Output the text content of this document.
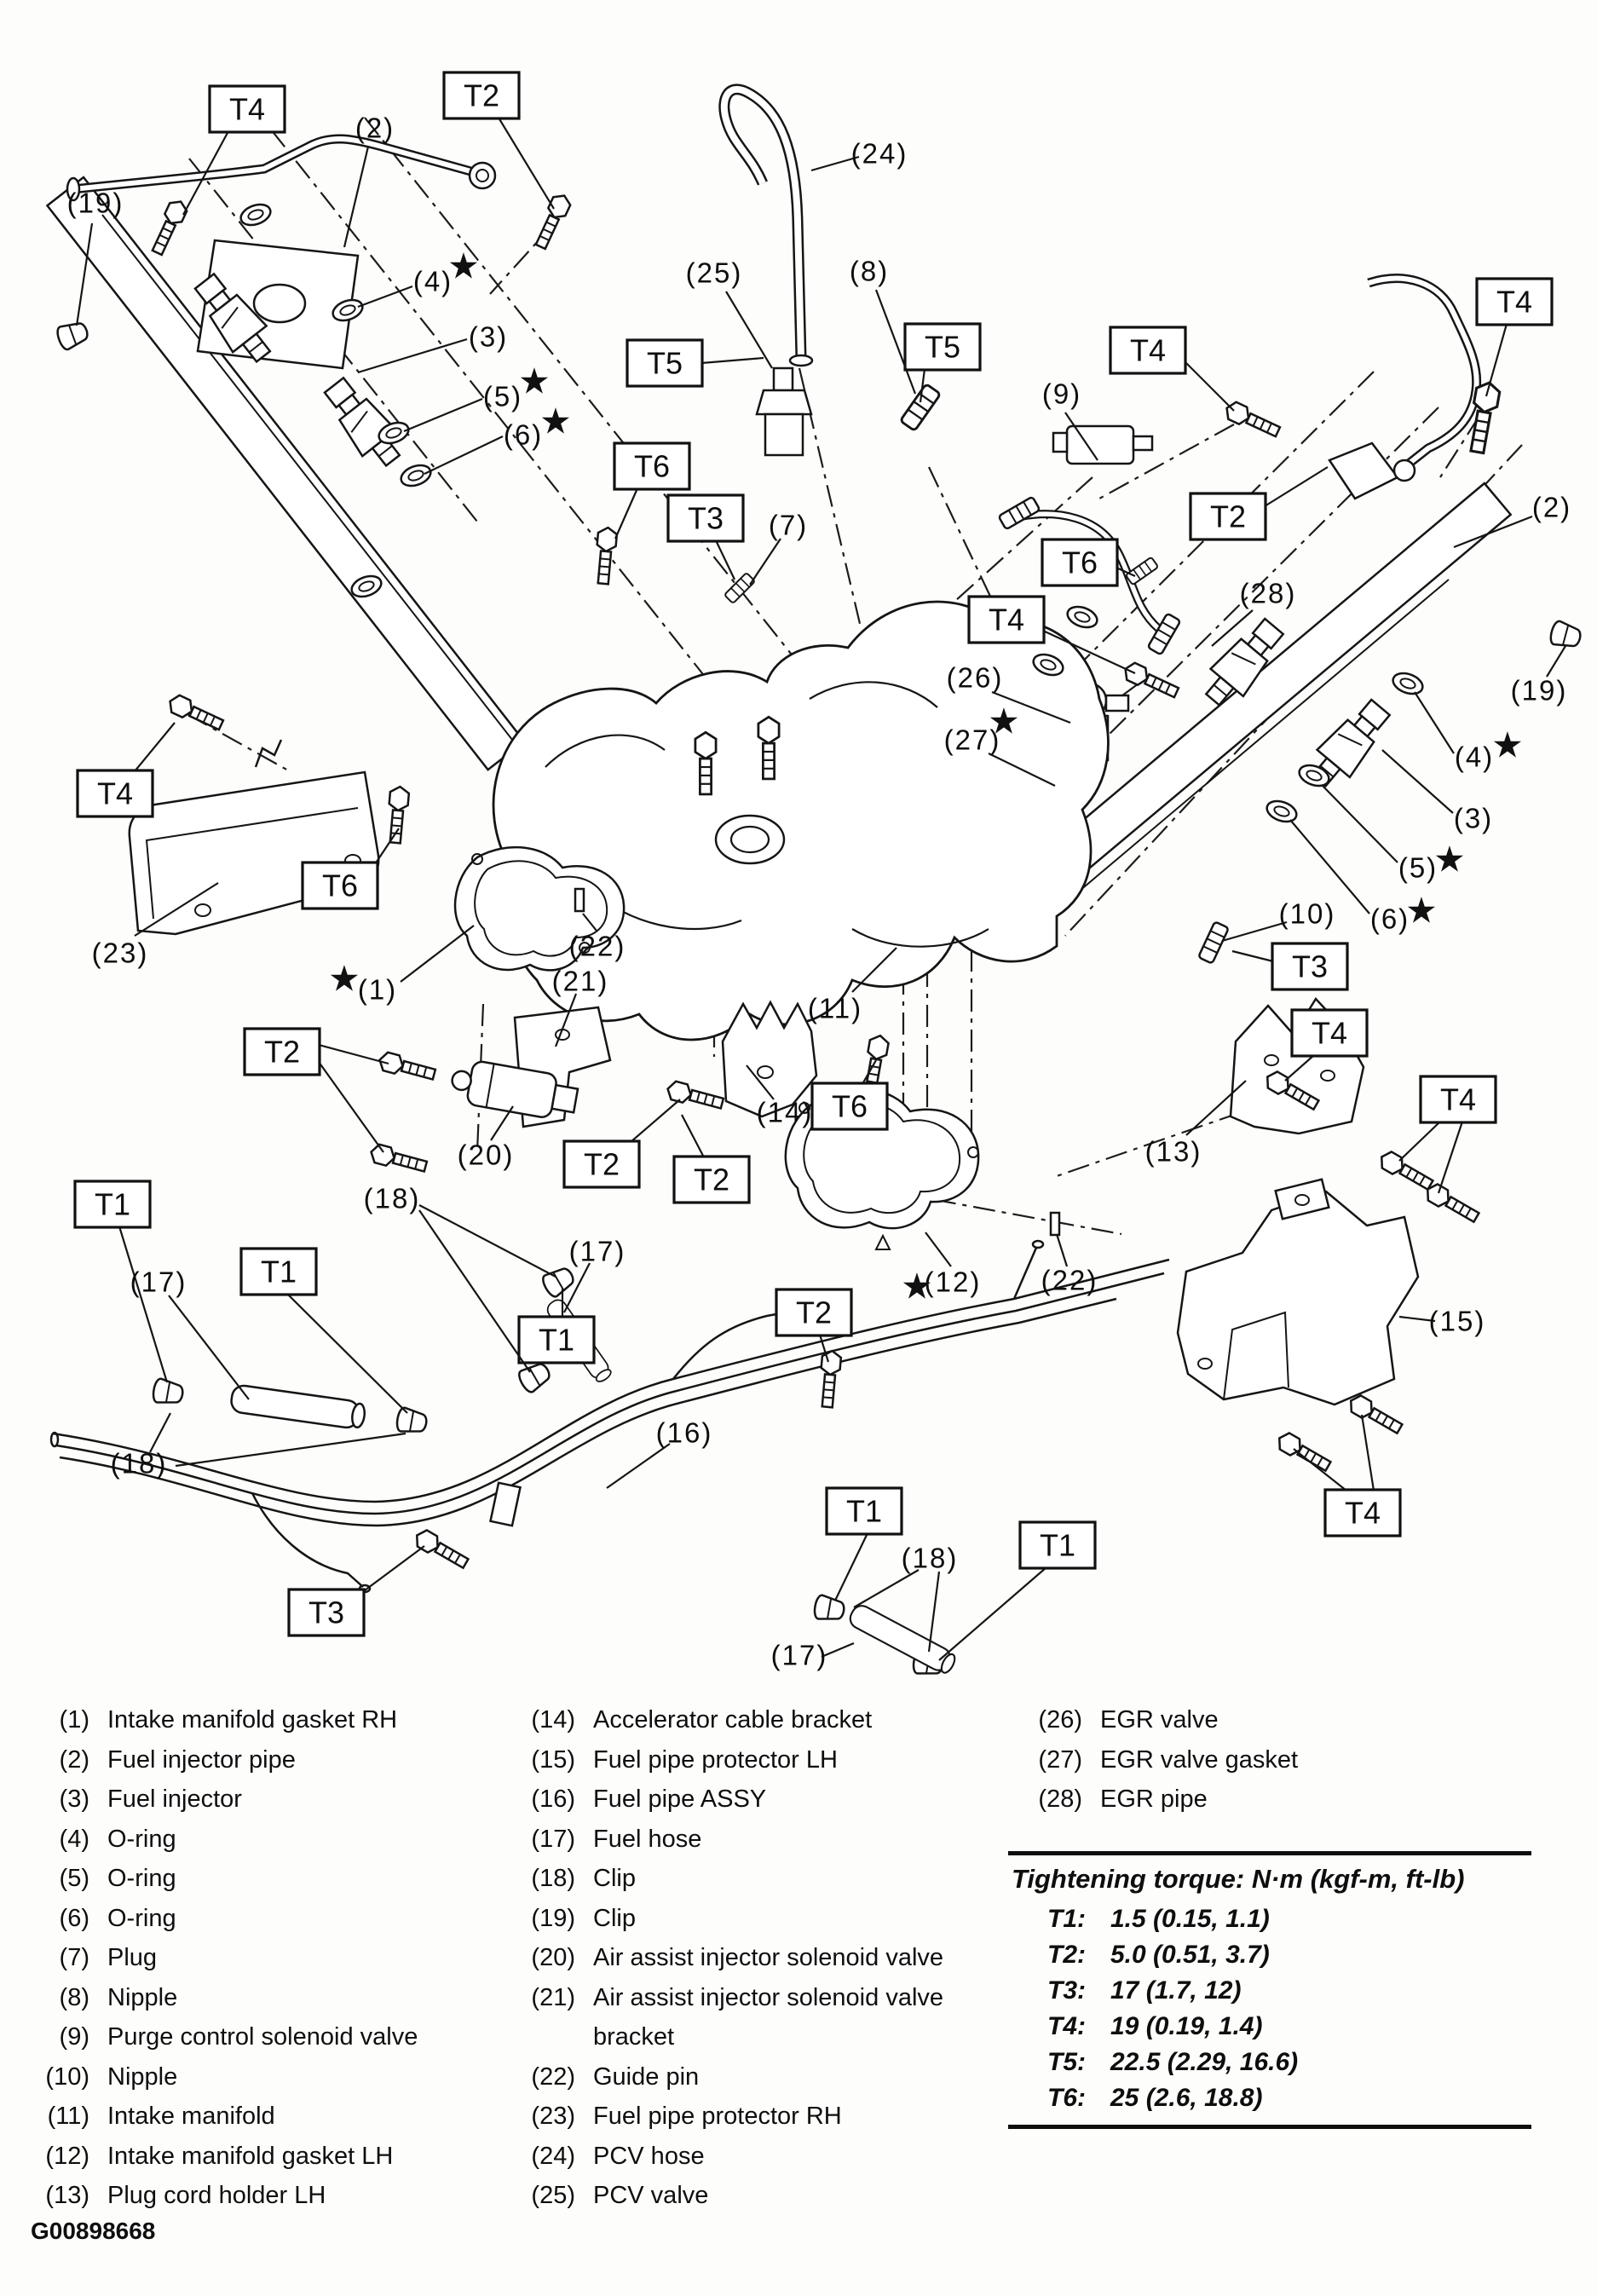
T4	T2
T5	T5
T6
T3
T4
T2
T4
T6
T4
T3
T4
T4
T6
T6
T2
T2 T2
T2
T1
T1
T1
T1
T1
T3
T4
T4
(19)
(2)
(4)
★
(3)
(5)
★
(6)
★
(24)
(25)	(8)
(9)
(7)
(28)
(26)
(27)
★
(2)
(19)
(4)
★
(3)
(5)
★
(6)
★
(10)
(11)
(23)	(22)
(21)
(1)
★
(12)
★	(22)
(13)
(14)
(20)
(15)
(16)
(17)
(18)
(17)
(18)
(17)
(18)
(1) Intake manifold gasket RH
(2) Fuel injector pipe
(3) Fuel injector
(4) O-ring
(5) O-ring
(6) O-ring
(7) Plug
(8) Nipple
(9) Purge control solenoid valve
(10) Nipple
(11) Intake manifold
(12) Intake manifold gasket LH
(13) Plug cord holder LH
(14) Accelerator cable bracket
(15) Fuel pipe protector LH
(16) Fuel pipe ASSY
(17) Fuel hose
(18) Clip
(19) Clip
(20) Air assist injector solenoid valve
(21) Air assist injector solenoid valve
bracket
(22) Guide pin
(23) Fuel pipe protector RH
(24) PCV hose
(25) PCV valve
(26) EGR valve
(27) EGR valve gasket
(28) EGR pipe
Tightening torque: N·m (kgf-m, ft-lb)
T1: 1.5 (0.15, 1.1)
T2: 5.0 (0.51, 3.7)
T3: 17 (1.7, 12)
T4: 19 (0.19, 1.4)
T5: 22.5 (2.29, 16.6)
T6: 25 (2.6, 18.8)
G00898668
